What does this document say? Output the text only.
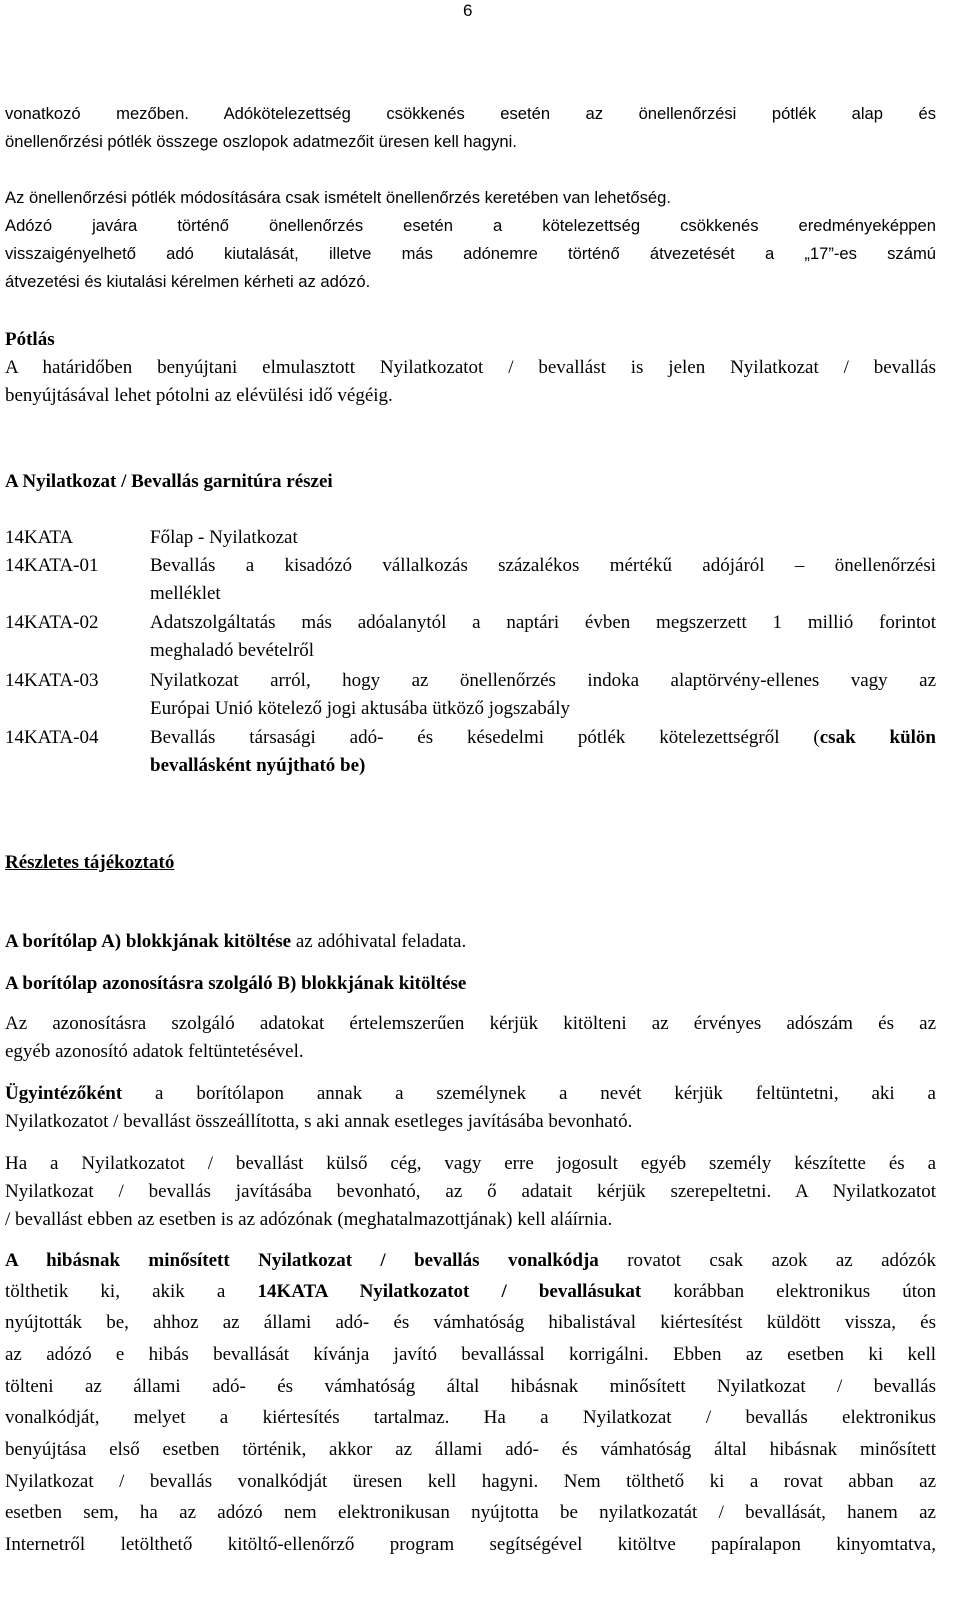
6
vonatkozó mezőben. Adókötelezettség csökkenés esetén az önellenőrzési pótlék alap és
önellenőrzési pótlék összege oszlopok adatmezőit üresen kell hagyni.
Az önellenőrzési pótlék módosítására csak ismételt önellenőrzés keretében van lehetőség.
Adózó javára történő önellenőrzés esetén a kötelezettség csökkenés eredményeképpen
visszaigényelhető adó kiutalását, illetve más adónemre történő átvezetését a „17”-es számú
átvezetési és kiutalási kérelmen kérheti az adózó.
Pótlás
A határidőben benyújtani elmulasztott Nyilatkozatot / bevallást is jelen Nyilatkozat / bevallás
benyújtásával lehet pótolni az elévülési idő végéig.
A Nyilatkozat / Bevallás garnitúra részei
14KATA	Főlap - Nyilatkozat
14KATA-01	Bevallás a kisadózó vállalkozás százalékos mértékű adójáról – önellenőrzési
melléklet
14KATA-02	Adatszolgáltatás más adóalanytól a naptári évben megszerzett 1 millió forintot
meghaladó bevételről
14KATA-03	Nyilatkozat arról, hogy az önellenőrzés indoka alaptörvény-ellenes vagy az
Európai Unió kötelező jogi aktusába ütköző jogszabály
14KATA-04	Bevallás társasági adó- és késedelmi pótlék kötelezettségről (csak külön
bevallásként nyújtható be)
Részletes tájékoztató
A borítólap A) blokkjának kitöltése az adóhivatal feladata.
A borítólap azonosításra szolgáló B) blokkjának kitöltése
Az azonosításra szolgáló adatokat értelemszerűen kérjük kitölteni az érvényes adószám és az
egyéb azonosító adatok feltüntetésével.
Ügyintézőként a borítólapon annak a személynek a nevét kérjük feltüntetni, aki a
Nyilatkozatot / bevallást összeállította, s aki annak esetleges javításába bevonható.
Ha a Nyilatkozatot / bevallást külső cég, vagy erre jogosult egyéb személy készítette és a
Nyilatkozat / bevallás javításába bevonható, az ő adatait kérjük szerepeltetni. A Nyilatkozatot
/ bevallást ebben az esetben is az adózónak (meghatalmazottjának) kell aláírnia.
A hibásnak minősített Nyilatkozat / bevallás vonalkódja rovatot csak azok az adózók
tölthetik ki, akik a 14KATA Nyilatkozatot / bevallásukat korábban elektronikus úton
nyújtották be, ahhoz az állami adó- és vámhatóság hibalistával kiértesítést küldött vissza, és
az adózó e hibás bevallását kívánja javító bevallással korrigálni. Ebben az esetben ki kell
tölteni az állami adó- és vámhatóság által hibásnak minősített Nyilatkozat / bevallás
vonalkódját, melyet a kiértesítés tartalmaz. Ha a Nyilatkozat / bevallás elektronikus
benyújtása első esetben történik, akkor az állami adó- és vámhatóság által hibásnak minősített
Nyilatkozat / bevallás vonalkódját üresen kell hagyni. Nem tölthető ki a rovat abban az
esetben sem, ha az adózó nem elektronikusan nyújtotta be nyilatkozatát / bevallását, hanem az
Internetről letölthető kitöltő-ellenőrző program segítségével kitöltve papíralapon kinyomtatva,
